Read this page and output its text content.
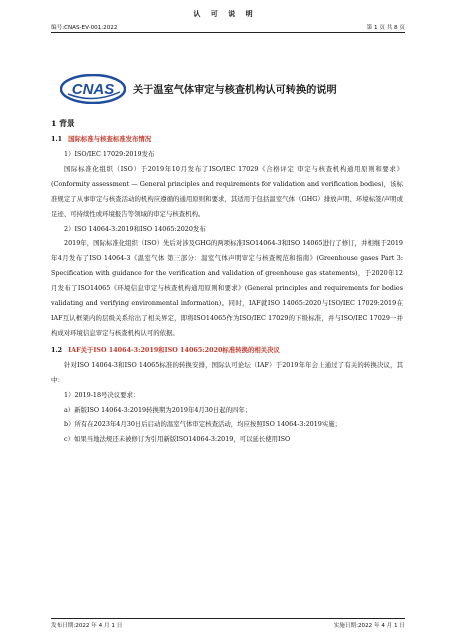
认 可 说 明
编号:CNAS-EV-001:2022	第 1 页 共 8 页
CNAS 关于温室气体审定与核查机构认可转换的说明
1 背景
1.1 国际标准与核查标准发布情况

1）ISO/IEC 17029:2019发布

国际标准化组织（ISO）于2019年10月发布了ISO/IEC 17029《合格评定 审定与核查机构通用原则和要求》(Conformity assessment — General principles and requirements for validation and verification bodies)，该标准规定了从事审定与核查活动的机构应遵循的通用原则和要求，其适用于包括温室气体（GHG）排放声明、环境标签/声明或足迹、可持续性或环境报告等领域的审定与核查机构。

2）ISO 14064-3:2019和ISO 14065:2020发布

2019年，国际标准化组织（ISO）先后对涉及GHG的两项标准ISO14064-3和ISO 14065进行了修订，并相继于2019年4月发布了ISO 14064-3《温室气体 第三部分：温室气体声明审定与核查规范和指南》(Greenhouse gases Part 3: Specification with guidance for the verification and validation of greenhouse gas statements)，于2020年12月发布了ISO14065《环境信息审定与核查机构通用原则和要求》(General principles and requirements for bodies validating and verifying environmental information)。同时，IAF就ISO 14065:2020与ISO/IEC 17029:2019在IAF互认框架内的层级关系给出了相关界定，即将ISO14065作为ISO/IEC 17029的下级标准，并与ISO/IEC 17029一并构成对环境信息审定与核查机构认可的依据。

1.2 IAF关于ISO 14064-3:2019和ISO 14065:2020标准转换的相关决议

针对ISO 14064-3和ISO 14065标准的转换安排，国际认可论坛（IAF）于2019年年会上通过了有关的转换决议，其中：

1）2019-18号决议要求：

a）新版ISO 14064-3:2019转换期为2019年4月30日起的四年；

b）所有在2023年4月30日后启动的温室气体审定核查活动，均应按照ISO 14064-3:2019实施；

c）如果当地法规还未被修订为引用新版ISO14064-3:2019，可以延长使用ISO

发布日期:2022 年 4 月 1 日	实施日期:2022 年 4 月 1 日
